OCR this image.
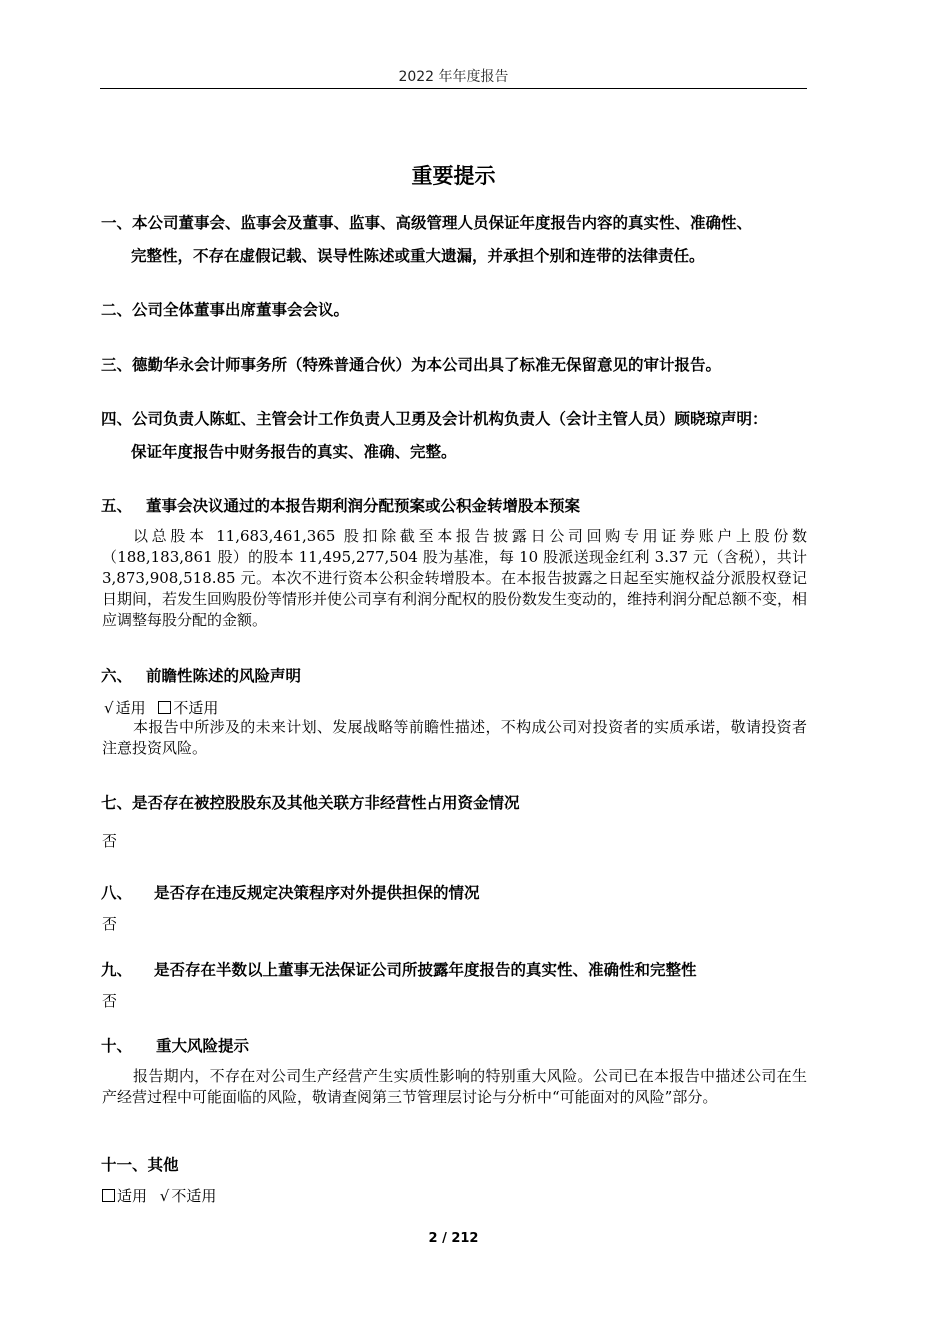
2022 年年度报告
重要提示
一、本公司董事会、监事会及董事、监事、高级管理人员保证年度报告内容的真实性、准确性、
完整性，不存在虚假记载、误导性陈述或重大遗漏，并承担个别和连带的法律责任。
二、公司全体董事出席董事会会议。
三、德勤华永会计师事务所（特殊普通合伙）为本公司出具了标准无保留意见的审计报告。
四、公司负责人陈虹、主管会计工作负责人卫勇及会计机构负责人（会计主管人员）顾晓琼声明：
保证年度报告中财务报告的真实、准确、完整。
五、 董事会决议通过的本报告期利润分配预案或公积金转增股本预案
以总股本 11,683,461,365 股扣除截至本报告披露日公司回购专用证券账户上股份数（188,183,861 股）的股本 11,495,277,504 股为基准，每 10 股派送现金红利 3.37 元（含税），共计 3,873,908,518.85 元。本次不进行资本公积金转增股本。在本报告披露之日起至实施权益分派股权登记日期间，若发生回购股份等情形并使公司享有利润分配权的股份数发生变动的，维持利润分配总额不变，相应调整每股分配的金额。
六、 前瞻性陈述的风险声明
√ 适用 不适用
本报告中所涉及的未来计划、发展战略等前瞻性描述，不构成公司对投资者的实质承诺，敬请投资者注意投资风险。
七、是否存在被控股股东及其他关联方非经营性占用资金情况
否
八、 是否存在违反规定决策程序对外提供担保的情况
否
九、 是否存在半数以上董事无法保证公司所披露年度报告的真实性、准确性和完整性
否
十、 重大风险提示
报告期内，不存在对公司生产经营产生实质性影响的特别重大风险。公司已在本报告中描述公司在生产经营过程中可能面临的风险，敬请查阅第三节管理层讨论与分析中“可能面对的风险”部分。
十一、其他
适用 √ 不适用
2 / 212
